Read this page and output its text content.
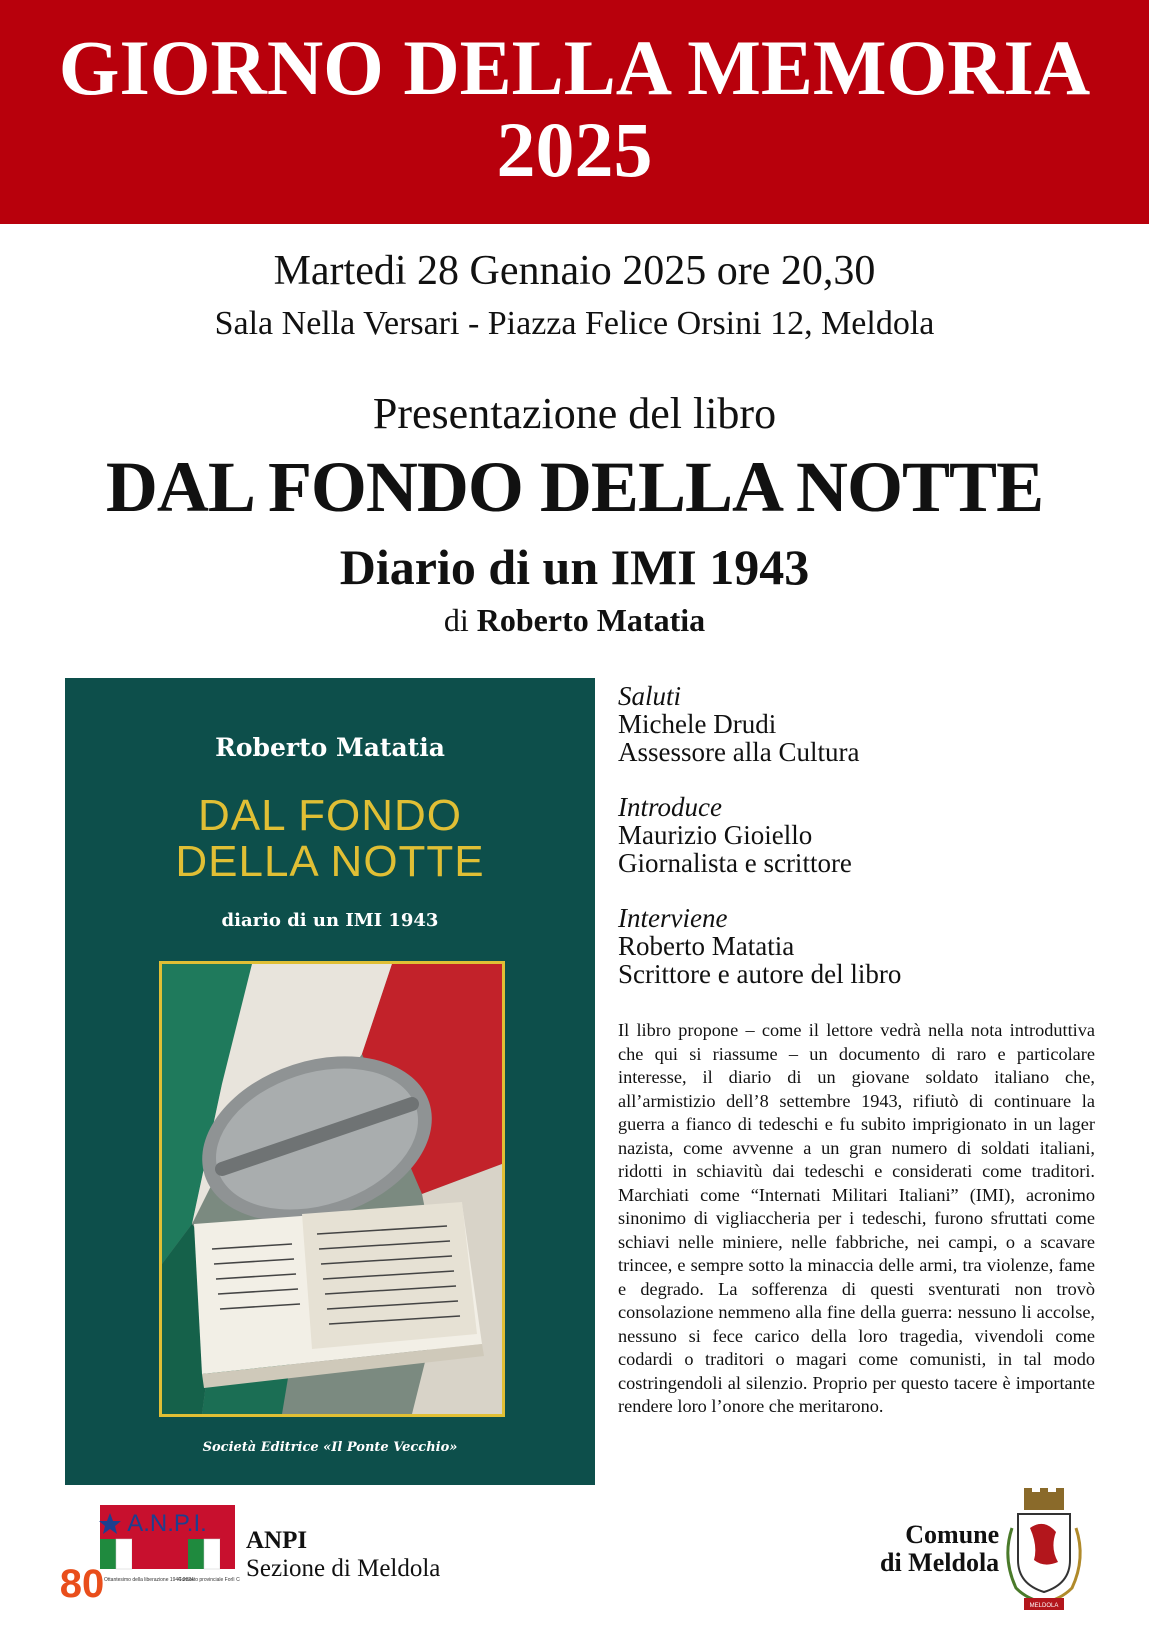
GIORNO DELLA MEMORIA
2025
Martedi 28 Gennaio 2025 ore 20,30
Sala Nella Versari - Piazza Felice Orsini 12, Meldola
Presentazione del libro
DAL FONDO DELLA NOTTE
Diario di un IMI 1943
di Roberto Matatia
Roberto Matatia
DAL FONDO
DELLA NOTTE
diario di un IMI 1943
Società Editrice «Il Ponte Vecchio»
Saluti
Michele Drudi
Assessore alla Cultura
Introduce
Maurizio Gioiello
Giornalista e scrittore
Interviene
Roberto Matatia
Scrittore e autore del libro
Il libro propone – come il lettore vedrà nella nota introduttiva che qui si riassume – un documento di raro e particolare interesse, il diario di un giovane soldato italiano che, all’armistizio dell’8 settembre 1943, rifiutò di continuare la guerra a fianco di tedeschi e fu subito imprigionato in un lager nazista, come avvenne a un gran numero di soldati italiani, ridotti in schiavitù dai tedeschi e considerati come traditori. Marchiati come “Internati Militari Italiani” (IMI), acronimo sinonimo di vigliaccheria per i tedeschi, furono sfruttati come schiavi nelle miniere, nelle fabbriche, nei campi, o a scavare trincee, e sempre sotto la minaccia delle armi, tra violenze, fame e degrado. La sofferenza di questi sventurati non trovò consolazione nemmeno alla fine della guerra: nessuno li accolse, nessuno si fece carico della loro tragedia, vivendoli come codardi o traditori o magari come comunisti, in tal modo costringendoli al silenzio. Proprio per questo tacere è importante rendere loro l’onore che meritarono.
A.N.P.I.
80 Ottantesimo della liberazione 1944-2024
Comitato provinciale Forlì C
ANPI
Sezione di Meldola
Comune
di Meldola
MELDOLA
